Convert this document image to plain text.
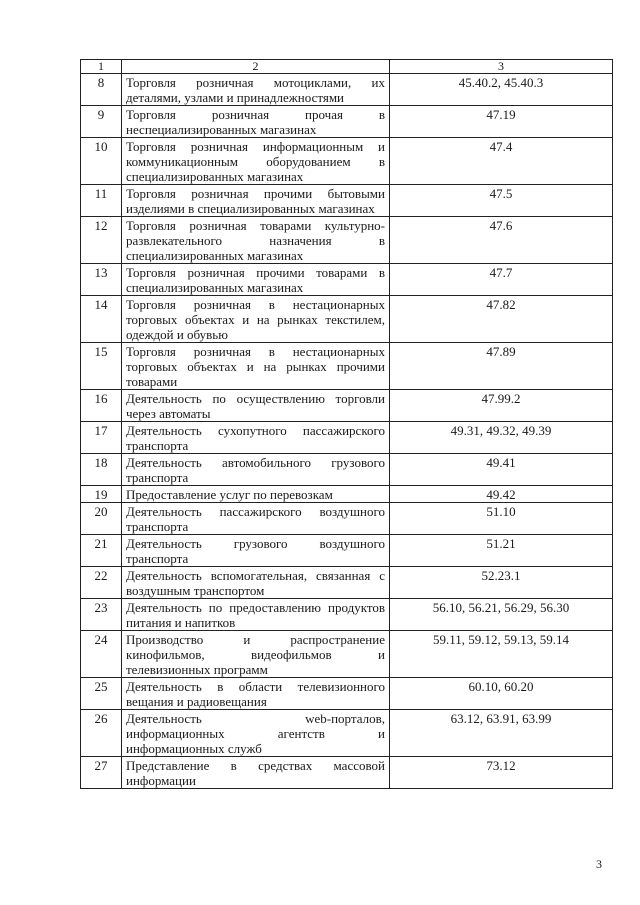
1	2	3
8	Торговля розничная мотоциклами, их деталями, узлами и принадлежностями	45.40.2, 45.40.3
9	Торговля розничная прочая в неспециализированных магазинах	47.19
10	Торговля розничная информационным и коммуникационным оборудованием в специализированных магазинах	47.4
11	Торговля розничная прочими бытовыми изделиями в специализированных магазинах	47.5
12	Торговля розничная товарами культурно-развлекательного назначения в специализированных магазинах	47.6
13	Торговля розничная прочими товарами в специализированных магазинах	47.7
14	Торговля розничная в нестационарных торговых объектах и на рынках текстилем, одеждой и обувью	47.82
15	Торговля розничная в нестационарных торговых объектах и на рынках прочими товарами	47.89
16	Деятельность по осуществлению торговли через автоматы	47.99.2
17	Деятельность сухопутного пассажирского транспорта	49.31, 49.32, 49.39
18	Деятельность автомобильного грузового транспорта	49.41
19	Предоставление услуг по перевозкам	49.42
20	Деятельность пассажирского воздушного транспорта	51.10
21	Деятельность грузового воздушного транспорта	51.21
22	Деятельность вспомогательная, связанная с воздушным транспортом	52.23.1
23	Деятельность по предоставлению продуктов питания и напитков	56.10, 56.21, 56.29, 56.30
24	Производство и распространение кинофильмов, видеофильмов и телевизионных программ	59.11, 59.12, 59.13, 59.14
25	Деятельность в области телевизионного вещания и радиовещания	60.10, 60.20
26	Деятельность web-порталов, информационных агентств и информационных служб	63.12, 63.91, 63.99
27	Представление в средствах массовой информации	73.12
3
